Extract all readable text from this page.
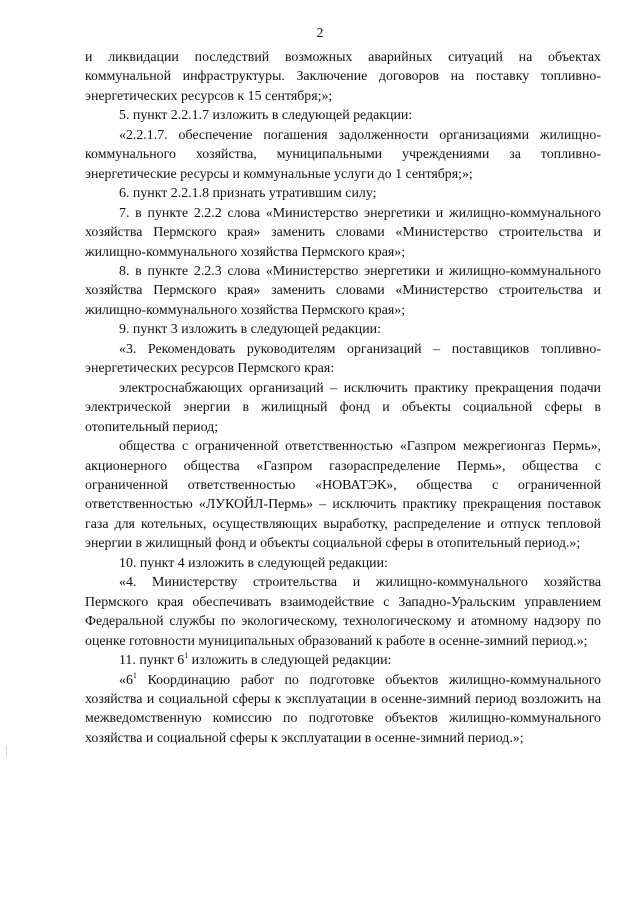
2

и ликвидации последствий возможных аварийных ситуаций на объектах коммунальной инфраструктуры. Заключение договоров на поставку топливно-энергетических ресурсов к 15 сентября;»;

5. пункт 2.2.1.7 изложить в следующей редакции:

«2.2.1.7. обеспечение погашения задолженности организациями жилищно-коммунального хозяйства, муниципальными учреждениями за топливно-энергетические ресурсы и коммунальные услуги до 1 сентября;»;

6. пункт 2.2.1.8 признать утратившим силу;

7. в пункте 2.2.2 слова «Министерство энергетики и жилищно-коммунального хозяйства Пермского края» заменить словами «Министерство строительства и жилищно-коммунального хозяйства Пермского края»;

8. в пункте 2.2.3 слова «Министерство энергетики и жилищно-коммунального хозяйства Пермского края» заменить словами «Министерство строительства и жилищно-коммунального хозяйства Пермского края»;

9. пункт 3 изложить в следующей редакции:

«3. Рекомендовать руководителям организаций – поставщиков топливно-энергетических ресурсов Пермского края:

электроснабжающих организаций – исключить практику прекращения подачи электрической энергии в жилищный фонд и объекты социальной сферы в отопительный период;

общества с ограниченной ответственностью «Газпром межрегионгаз Пермь», акционерного общества «Газпром газораспределение Пермь», общества с ограниченной ответственностью «НОВАТЭК», общества с ограниченной ответственностью «ЛУКОЙЛ-Пермь» – исключить практику прекращения поставок газа для котельных, осуществляющих выработку, распределение и отпуск тепловой энергии в жилищный фонд и объекты социальной сферы в отопительный период.»;

10. пункт 4 изложить в следующей редакции:

«4. Министерству строительства и жилищно-коммунального хозяйства Пермского края обеспечивать взаимодействие с Западно-Уральским управлением Федеральной службы по экологическому, технологическому и атомному надзору по оценке готовности муниципальных образований к работе в осенне-зимний период.»;

11. пункт $6^1$ изложить в следующей редакции:

«$6^1$ Координацию работ по подготовке объектов жилищно-коммунального хозяйства и социальной сферы к эксплуатации в осенне-зимний период возложить на межведомственную комиссию по подготовке объектов жилищно-коммунального хозяйства и социальной сферы к эксплуатации в осенне-зимний период.»;
